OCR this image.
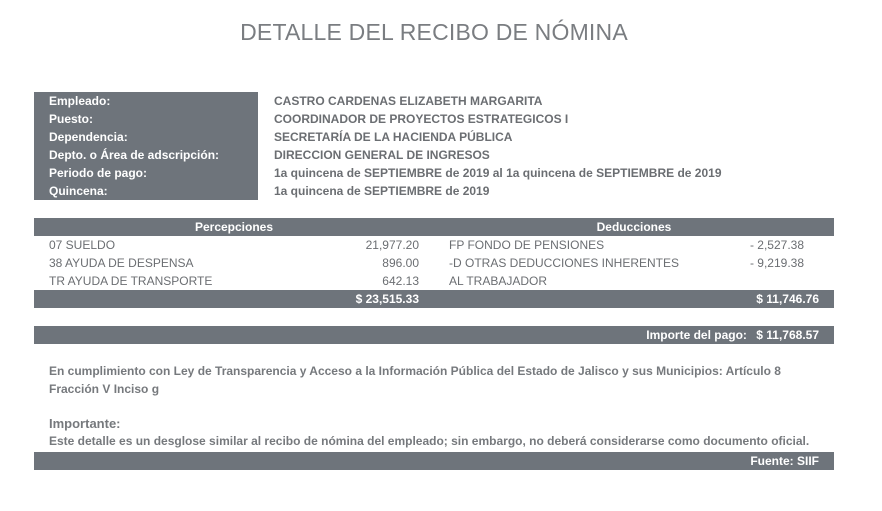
DETALLE DEL RECIBO DE NÓMINA
Empleado:	CASTRO CARDENAS ELIZABETH MARGARITA
Puesto:	COORDINADOR DE PROYECTOS ESTRATEGICOS I
Dependencia:	SECRETARÍA DE LA HACIENDA PÚBLICA
Depto. o Área de adscripción:	DIRECCION GENERAL DE INGRESOS
Periodo de pago:	1a quincena de SEPTIEMBRE de 2019 al 1a quincena de SEPTIEMBRE de 2019
Quincena:	1a quincena de SEPTIEMBRE de 2019
Percepciones	Deducciones
07 SUELDO	21,977.20	FP FONDO DE PENSIONES	- 2,527.38
38 AYUDA DE DESPENSA	896.00	-D OTRAS DEDUCCIONES INHERENTES	- 9,219.38
TR AYUDA DE TRANSPORTE	642.13	AL TRABAJADOR
$ 23,515.33	$ 11,746.76
Importe del pago: $ 11,768.57
En cumplimiento con Ley de Transparencia y Acceso a la Información Pública del Estado de Jalisco y sus Municipios: Artículo 8 Fracción V Inciso g
Importante:
Este detalle es un desglose similar al recibo de nómina del empleado; sin embargo, no deberá considerarse como documento oficial.
Fuente: SIIF
